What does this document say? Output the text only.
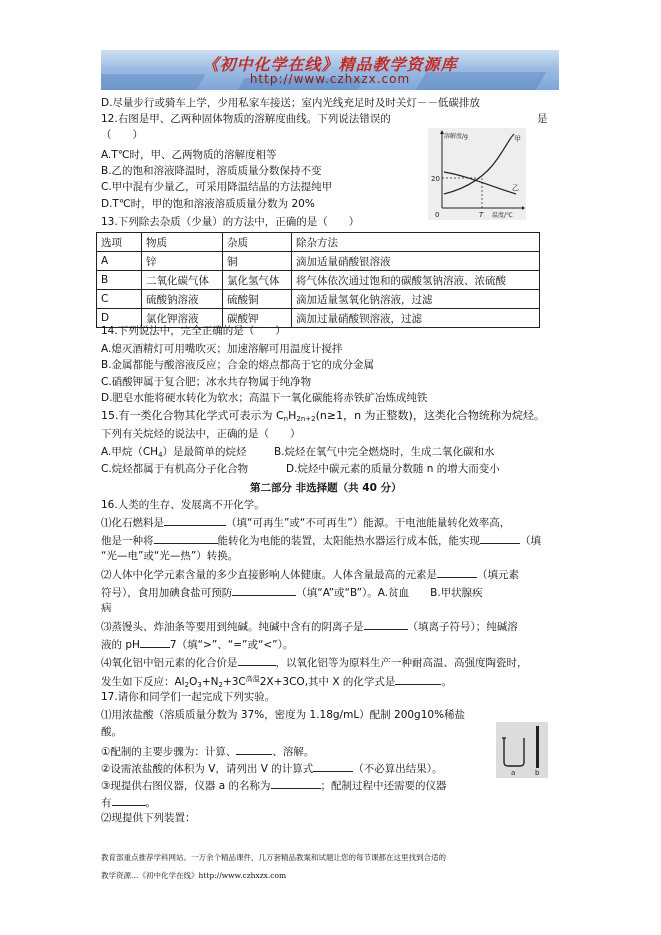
《初中化学在线》精品教学资源库
http://www.czhxzx.com
D.尽量步行或骑车上学，少用私家车接送；室内光线充足时及时关灯－－低碳排放
12.右图是甲、乙两种固体物质的溶解度曲线。下列说法错误的	是
（　　）
A.T℃时，甲、乙两物质的溶解度相等
B.乙的饱和溶液降温时，溶质质量分数保持不变
C.甲中混有少量乙，可采用降温结晶的方法提纯甲
D.T℃时，甲的饱和溶液溶质质量分数为 20%
溶解度/g
20
0	T 温度/℃
甲
乙
13.下列除去杂质（少量）的方法中，正确的是（　　）
选项	物质	杂质	除杂方法
A	锌	铜	滴加适量硝酸银溶液
B	二氧化碳气体	氯化氢气体	将气体依次通过饱和的碳酸氢钠溶液、浓硫酸
C	硫酸钠溶液	硫酸铜	滴加适量氢氧化钠溶液，过滤
D	氯化钾溶液	碳酸钾	滴加过量硝酸钡溶液，过滤
14.下列说法中，完全正确的是（　　）
A.熄灭酒精灯可用嘴吹灭；加速溶解可用温度计搅拌
B.金属都能与酸溶液反应；合金的熔点都高于它的成分金属
C.硝酸钾属于复合肥；冰水共存物属于纯净物
D.肥皂水能将硬水转化为软水；高温下一氧化碳能将赤铁矿冶炼成纯铁
15.有一类化合物其化学式可表示为 $C_nH_{2n+2}(n\ge 1$，n 为正整数)，这类化合物统称为烷烃。
下列有关烷烃的说法中，正确的是（　　）
A.甲烷$(CH_4)$是最简单的烷烃	B.烷烃在氧气中完全燃烧时，生成二氧化碳和水
C.烷烃都属于有机高分子化合物	D.烷烃中碳元素的质量分数随 n 的增大而变小
第二部分 非选择题（共 40 分）
16.人类的生存、发展离不开化学。
⑴化石燃料是	（填“可再生”或“不可再生”）能源。干电池能量转化效率高，
他是一种将	能转化为电能的装置，太阳能热水器运行成本低，能实现	（填
“光—电”或“光—热”）转换。
⑵人体中化学元素含量的多少直接影响人体健康。人体含量最高的元素是	（填元素
符号），食用加碘食盐可预防	（填“A”或“B”）。A.贫血　　B.甲状腺疾
病
⑶蒸馒头、炸油条等要用到纯碱。纯碱中含有的阴离子是	（填离子符号）；纯碱溶
液的 pH	7（填“>”、“=”或“<”）。
⑷氧化铝中铝元素的化合价是	，以氧化铝等为原料生产一种耐高温、高强度陶瓷时，
发生如下反应：$Al_2O_3+N_2+3C^{高温}2X+3CO$,其中 X 的化学式是	。
17.请你和同学们一起完成下列实验。
⑴用浓盐酸（溶质质量分数为 37%，密度为 1.18g/mL）配制 200g10%稀盐
酸。
①配制的主要步骤为：计算、	、溶解。
②设需浓盐酸的体积为 V，请列出 V 的计算式	（不必算出结果）。
③现提供右图仪器，仪器 a 的名称为	；配制过程中还需要的仪器
有	。
⑵现提供下列装置：
a	b
教育部重点推荐学科网站。一万余个精品课件，几万套精品教案和试题让您的每节课都在这里找到合适的
教学资源…《初中化学在线》http://www.czhxzx.com
